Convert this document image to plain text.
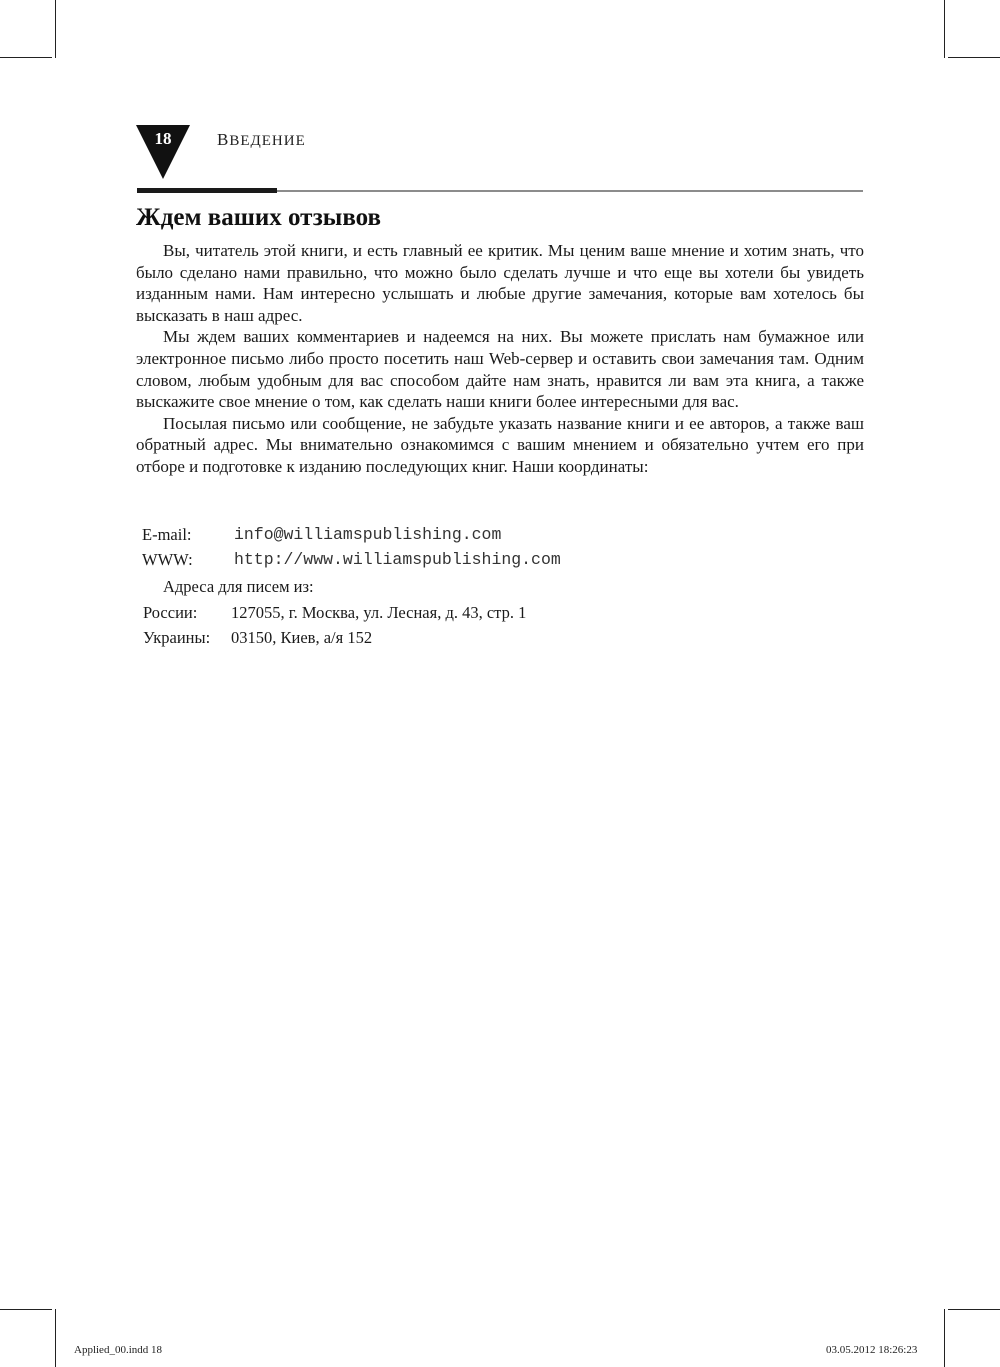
18	ВВЕДЕНИЕ
Ждем ваших отзывов

Вы, читатель этой книги, и есть главный ее критик. Мы ценим ваше мнение и хотим знать, что было сделано нами правильно, что можно было сделать лучше и что еще вы хотели бы увидеть изданным нами. Нам интересно услышать и любые другие замечания, которые вам хотелось бы высказать в наш адрес.

Мы ждем ваших комментариев и надеемся на них. Вы можете прислать нам бумажное или электронное письмо либо просто посетить наш Web-сервер и оставить свои замечания там. Одним словом, любым удобным для вас способом дайте нам знать, нравится ли вам эта книга, а также выскажите свое мнение о том, как сделать наши книги более интересными для вас.

Посылая письмо или сообщение, не забудьте указать название книги и ее авторов, а также ваш обратный адрес. Мы внимательно ознакомимся с вашим мнением и обязательно учтем его при отборе и подготовке к изданию последующих книг. Наши координаты:

E-mail:	info@williamspublishing.com
WWW:	http://www.williamspublishing.com
Адреса для писем из:
России: 127055, г. Москва, ул. Лесная, д. 43, стр. 1
Украины: 03150, Киев, а/я 152
Applied_00.indd 18	03.05.2012 18:26:23
